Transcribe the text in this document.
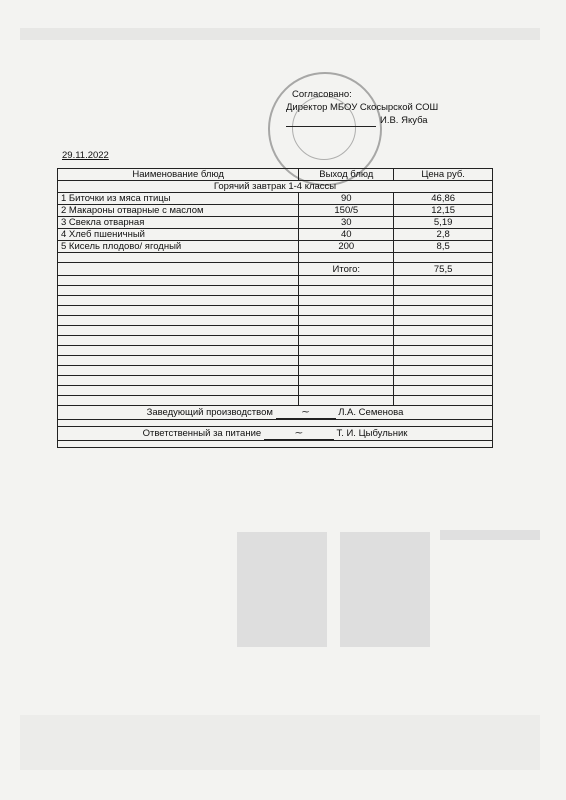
Согласовано:
Директор МБОУ Скосырской СОШ
И.В. Якуба
29.11.2022
Наименование блюд	Выход блюд	Цена руб.
Горячий завтрак 1-4 классы		
1 Биточки из мяса птицы	90	46,86
2 Макароны отварные с маслом	150/5	12,15
3 Свекла отварная	30	5,19
4 Хлеб пшеничный	40	2,8
5 Кисель плодово/ ягодный	200	8,5

	Итого:	75,5

Заведующий производством ~ Л.А. Семенова		

Ответственный за питание ~ Т. И. Цыбульник		
